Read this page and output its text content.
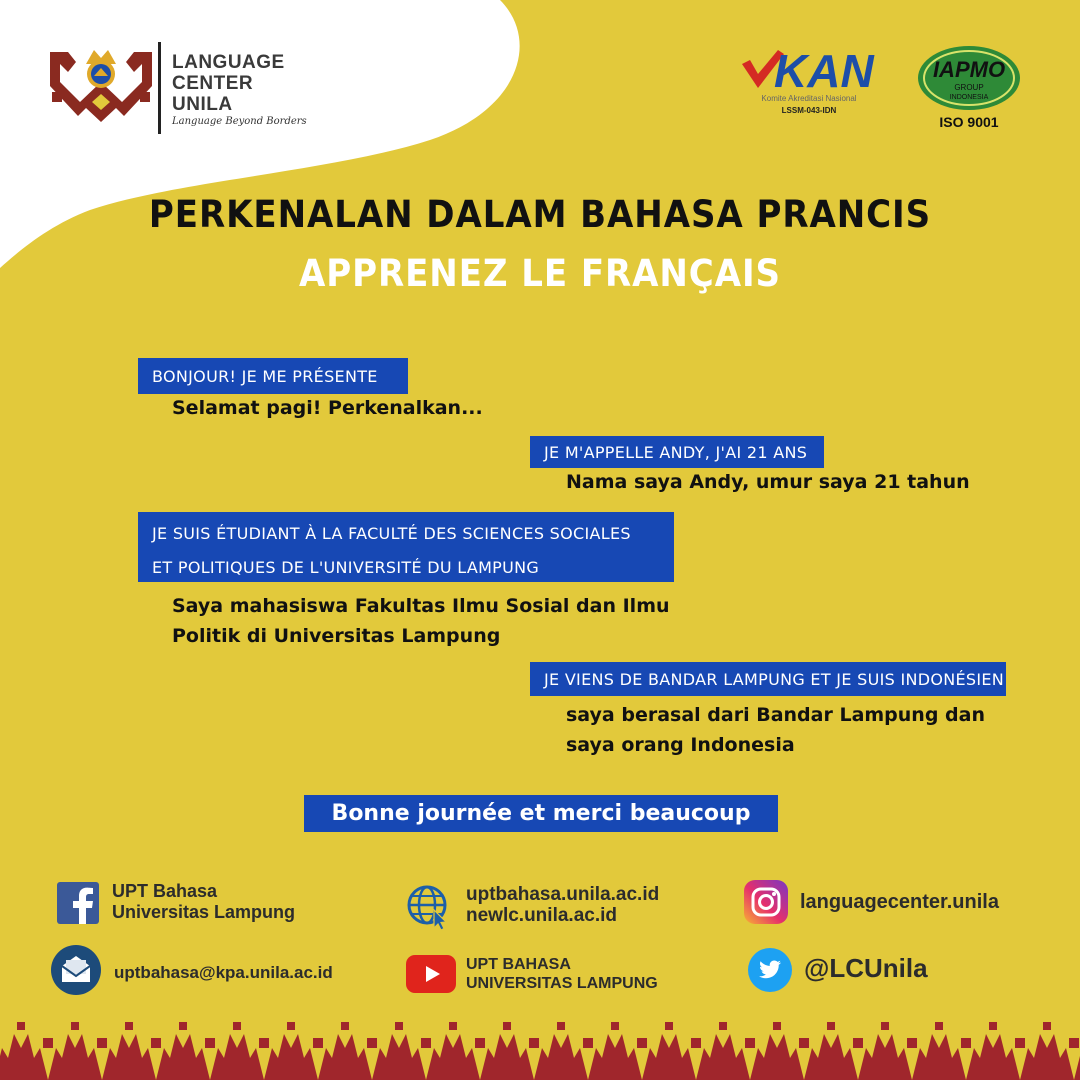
LANGUAGE
CENTER
UNILA
Language Beyond Borders
KAN
Komite Akreditasi Nasional
LSSM-043-IDN
IAPMO
GROUP
INDONESIA
ISO 9001
PERKENALAN DALAM BAHASA PRANCIS
APPRENEZ LE FRANÇAIS
BONJOUR! JE ME PRÉSENTE
Selamat pagi! Perkenalkan...
JE M'APPELLE ANDY, J'AI 21 ANS
Nama saya Andy, umur saya 21 tahun
JE SUIS ÉTUDIANT À LA FACULTÉ DES SCIENCES SOCIALES
ET POLITIQUES DE L'UNIVERSITÉ DU LAMPUNG
Saya mahasiswa Fakultas Ilmu Sosial dan Ilmu
Politik di Universitas Lampung
JE VIENS DE BANDAR LAMPUNG ET JE SUIS INDONÉSIEN
saya berasal dari Bandar Lampung dan
saya orang Indonesia
Bonne journée et merci beaucoup
UPT Bahasa
Universitas Lampung
uptbahasa.unila.ac.id
newlc.unila.ac.id
languagecenter.unila
uptbahasa@kpa.unila.ac.id	UPT BAHASA
UNIVERSITAS LAMPUNG
@LCUnila
